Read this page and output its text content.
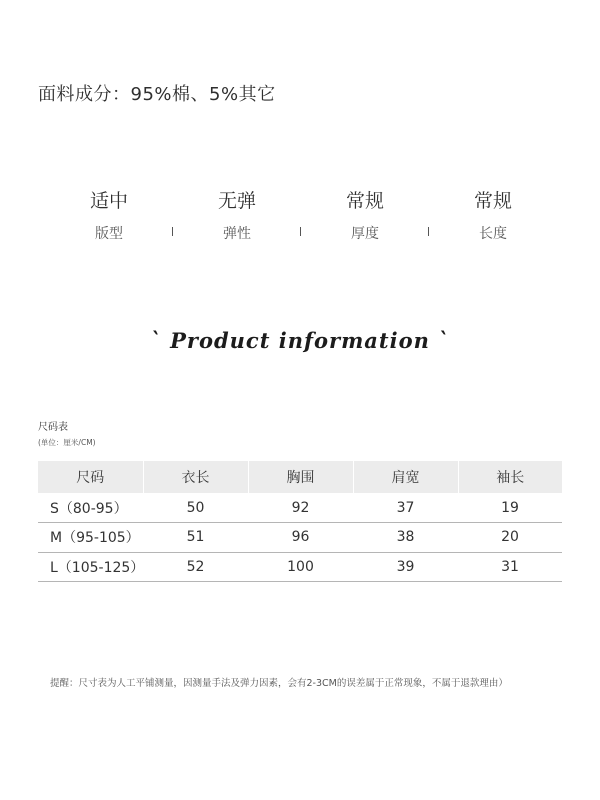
面料成分：95%棉、5%其它
适中
版型
无弹
弹性
常规
厚度
常规
长度
` Product information `
尺码表
(单位：厘米/CM)
尺码	衣长	胸围	肩宽	袖长
S（80-95）	50	92	37	19
M（95-105）	51	96	38	20
L（105-125）	52	100	39	31
提醒：尺寸表为人工平铺测量，因测量手法及弹力因素，会有2-3CM的误差属于正常现象，不属于退款理由）
